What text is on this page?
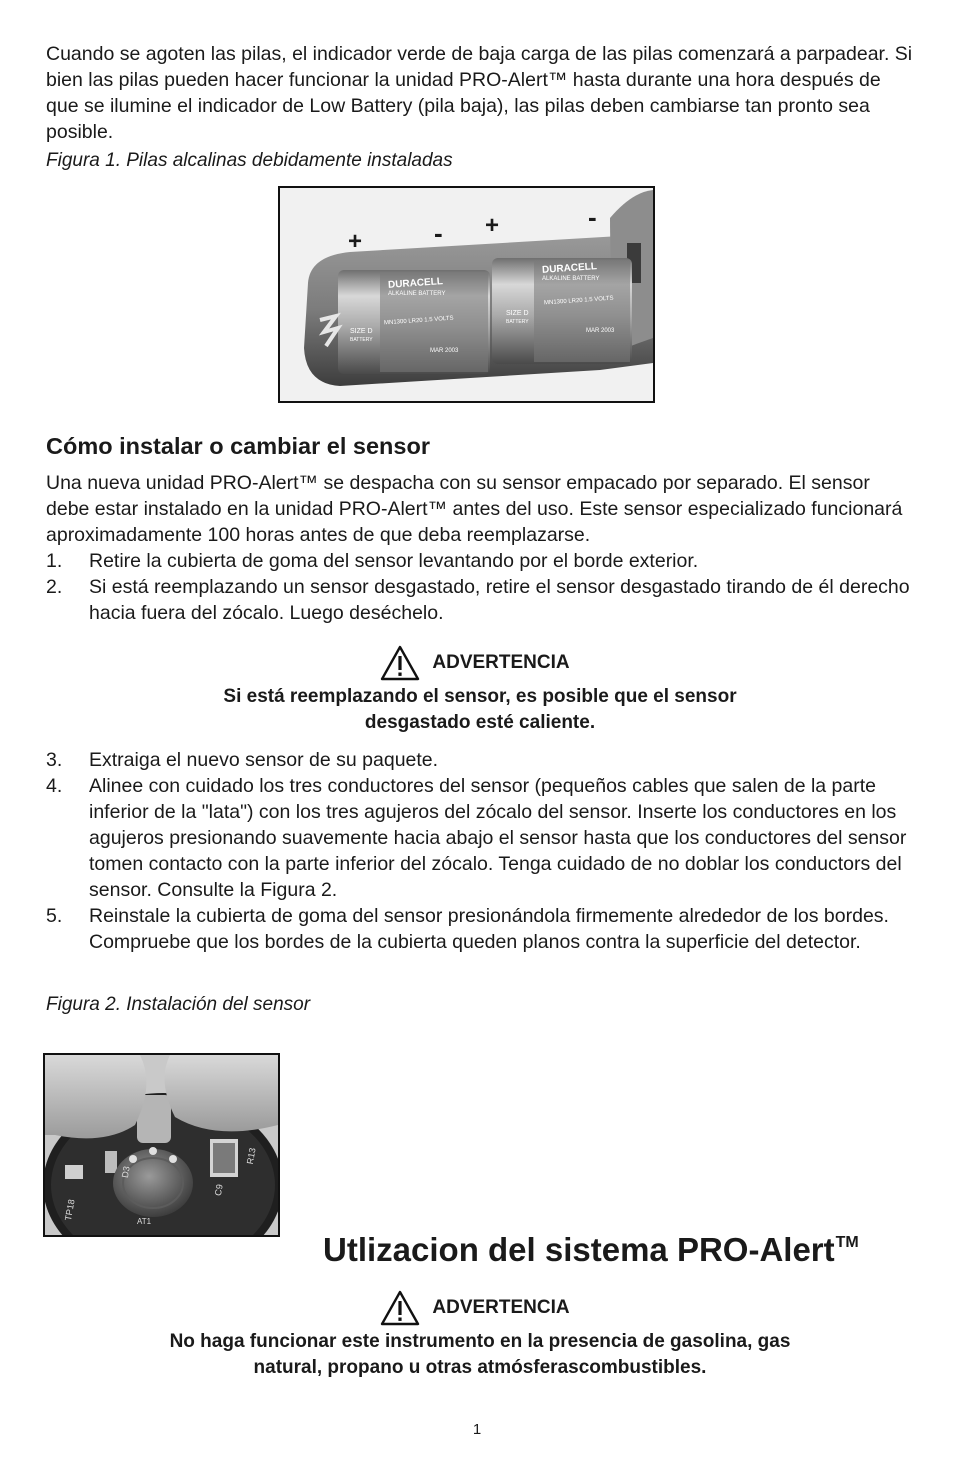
Cuando se agoten las pilas, el indicador verde de baja carga de las pilas comenzará a parpadear. Si bien las pilas pueden hacer funcionar la unidad PRO-Alert™ hasta durante una hora después de que se ilumine el indicador de Low Battery (pila baja), las pilas deben cambiarse tan pronto sea posible.
Figura 1. Pilas alcalinas debidamente instaladas
+	- +	-
DURACELL
ALKALINE BATTERY
MN1300 LR20 1.5 VOLTS
SIZE D
BATTERY
MAR 2003
DURACELL
ALKALINE BATTERY
MN1300 LR20 1.5 VOLTS
SIZE D
BATTERY
MAR 2003
Cómo instalar o cambiar el sensor
Una nueva unidad PRO-Alert™ se despacha con su sensor empacado por separado. El sensor debe estar instalado en la unidad PRO-Alert™ antes del uso. Este sensor especializado funcionará aproximadamente 100 horas antes de que deba reemplazarse.
1. Retire la cubierta de goma del sensor levantando por el borde exterior.
2. Si está reemplazando un sensor desgastado, retire el sensor desgastado tirando de él derecho hacia fuera del zócalo. Luego deséchelo.
ADVERTENCIA
Si está reemplazando el sensor, es posible que el sensor
desgastado esté caliente.
3. Extraiga el nuevo sensor de su paquete.
4. Alinee con cuidado los tres conductores del sensor (pequeños cables que salen de la parte inferior de la "lata") con los tres agujeros del zócalo del sensor. Inserte los conductores en los agujeros presionando suavemente hacia abajo el sensor hasta que los conductores del sensor tomen contacto con la parte inferior del zócalo. Tenga cuidado de no doblar los conductors del sensor. Consulte la Figura 2.
5. Reinstale la cubierta de goma del sensor presionándola firmemente alrededor de los bordes. Compruebe que los bordes de la cubierta queden planos contra la superficie del detector.
Figura 2. Instalación del sensor
D3
C9
R13
TP18
AT1
Utlizacion del sistema PRO-Alert™
ADVERTENCIA
No haga funcionar este instrumento en la presencia de gasolina, gas
natural, propano u otras atmósferascombustibles.
1
